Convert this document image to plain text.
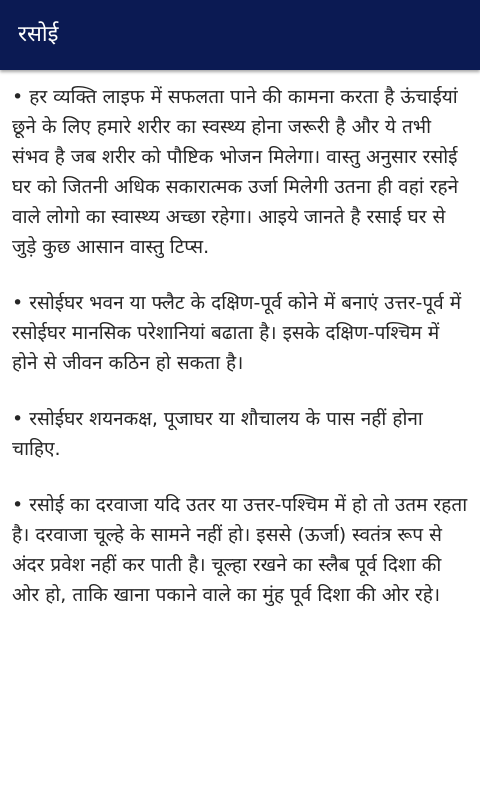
रसोई

• हर व्यक्ति लाइफ में सफलता पाने की कामना करता है ऊंचाईयां छूने के लिए हमारे शरीर का स्वस्थ्य होना जरूरी है और ये तभी संभव है जब शरीर को पौष्टिक भोजन मिलेगा। वास्तु अनुसार रसोई घर को जितनी अधिक सकारात्मक उर्जा मिलेगी उतना ही वहां रहने वाले लोगो का स्वास्थ्य अच्छा रहेगा। आइये जानते है रसाई घर से जुड़े कुछ आसान वास्तु टिप्स.

• रसोईघर भवन या फ्लैट के दक्षिण-पूर्व कोने में बनाएं उत्तर-पूर्व में रसोईघर मानसिक परेशानियां बढाता है। इसके दक्षिण-पश्चिम में होने से जीवन कठिन हो सकता है।

• रसोईघर शयनकक्ष, पूजाघर या शौचालय के पास नहीं होना चाहिए.

• रसोई का दरवाजा यदि उतर या उत्तर-पश्चिम में हो तो उतम रहता है। दरवाजा चूल्हे के सामने नहीं हो। इससे (ऊर्जा) स्वतंत्र रूप से अंदर प्रवेश नहीं कर पाती है। चूल्हा रखने का स्लैब पूर्व दिशा की ओर हो, ताकि खाना पकाने वाले का मुंह पूर्व दिशा की ओर रहे।
